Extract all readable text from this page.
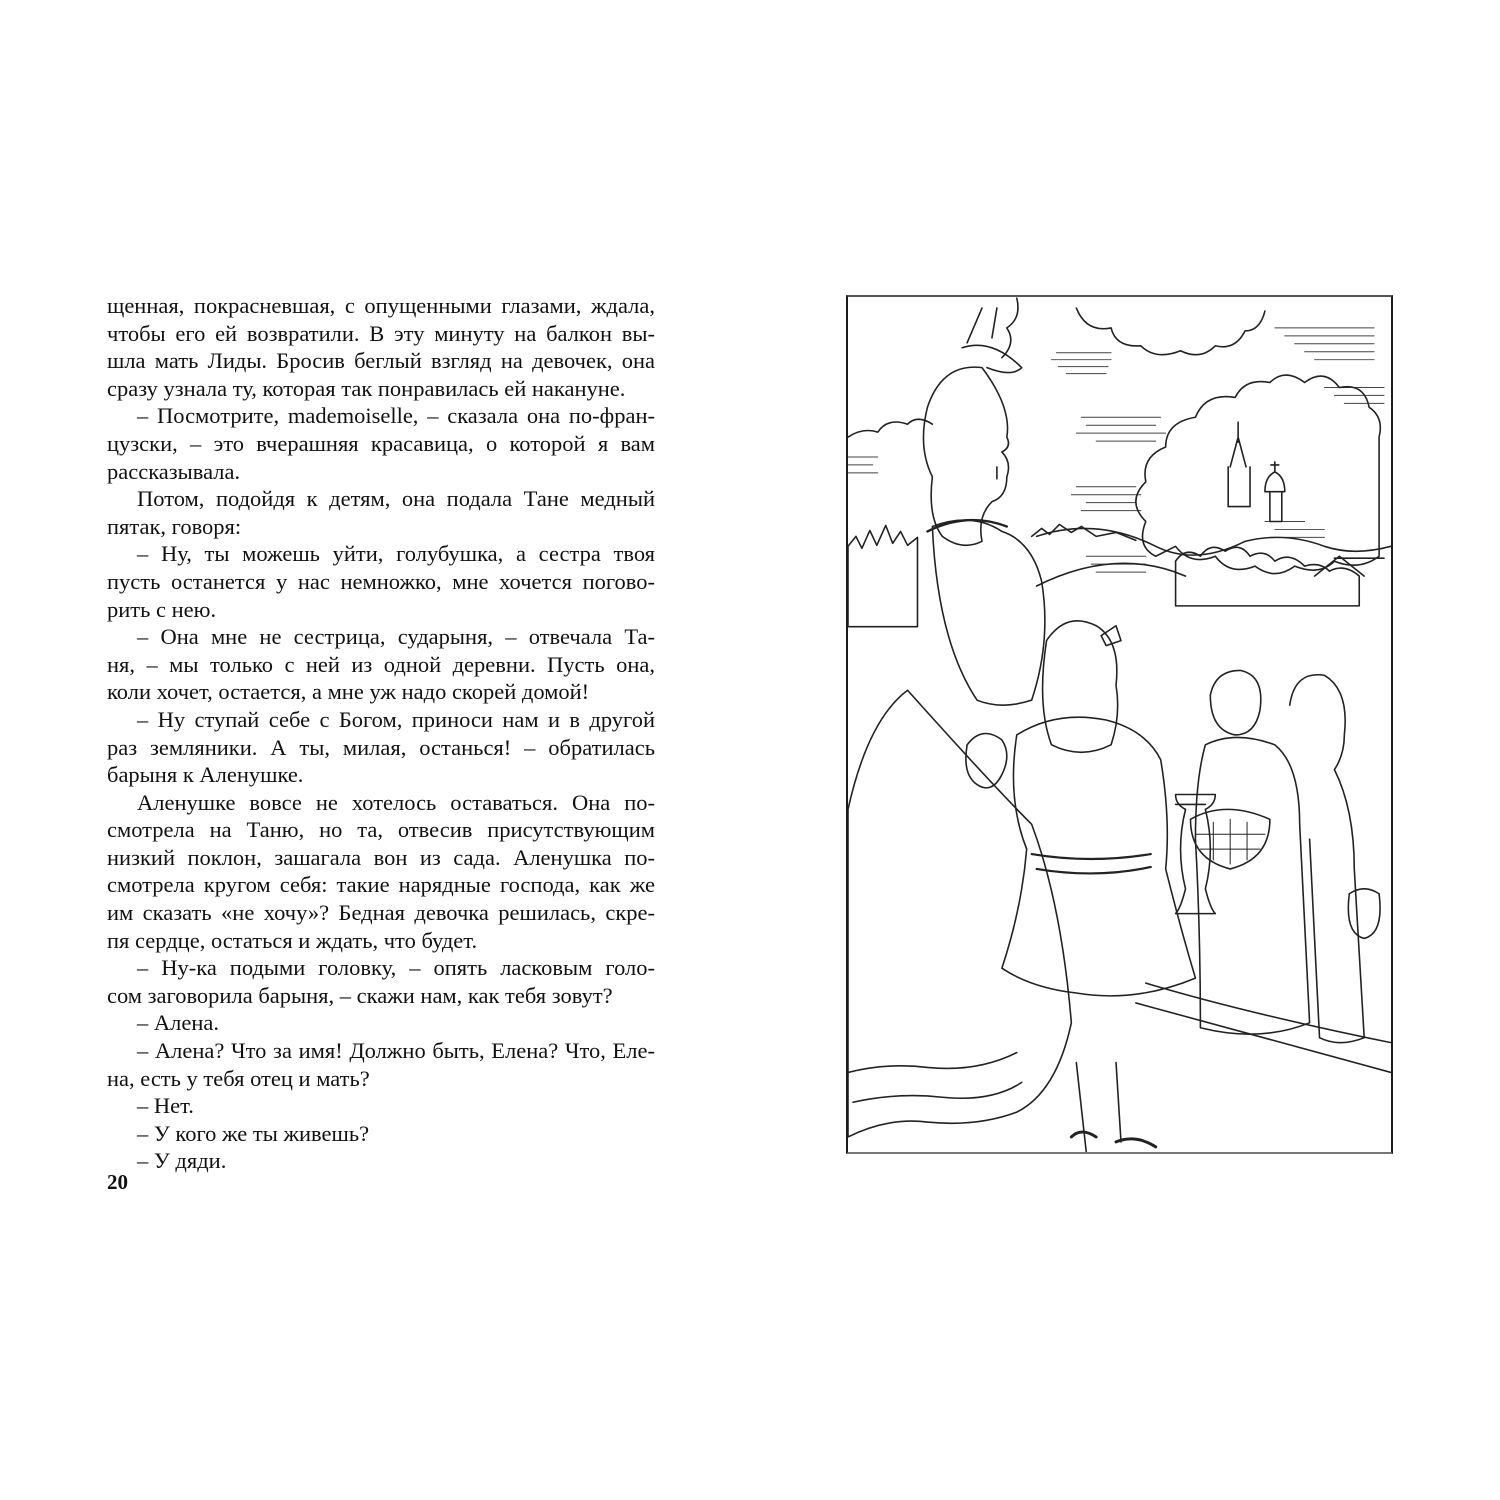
щенная, покрасневшая, с опущенными глазами, ждала,
чтобы его ей возвратили. В эту минуту на балкон вы-
шла мать Лиды. Бросив беглый взгляд на девочек, она
сразу узнала ту, которая так понравилась ей накануне.
– Посмотрите, mademoiselle, – сказала она по-фран-
цузски, – это вчерашняя красавица, о которой я вам
рассказывала.
Потом, подойдя к детям, она подала Тане медный
пятак, говоря:
– Ну, ты можешь уйти, голубушка, а сестра твоя
пусть останется у нас немножко, мне хочется погово-
рить с нею.
– Она мне не сестрица, сударыня, – отвечала Та-
ня, – мы только с ней из одной деревни. Пусть она,
коли хочет, остается, а мне уж надо скорей домой!
– Ну ступай себе с Богом, приноси нам и в другой
раз земляники. А ты, милая, останься! – обратилась
барыня к Аленушке.
Аленушке вовсе не хотелось оставаться. Она по-
смотрела на Таню, но та, отвесив присутствующим
низкий поклон, зашагала вон из сада. Аленушка по-
смотрела кругом себя: такие нарядные господа, как же
им сказать «не хочу»? Бедная девочка решилась, скре-
пя сердце, остаться и ждать, что будет.
– Ну-ка подыми головку, – опять ласковым голо-
сом заговорила барыня, – скажи нам, как тебя зовут?
– Алена.
– Алена? Что за имя! Должно быть, Елена? Что, Еле-
на, есть у тебя отец и мать?
– Нет.
– У кого же ты живешь?
– У дяди.
20
